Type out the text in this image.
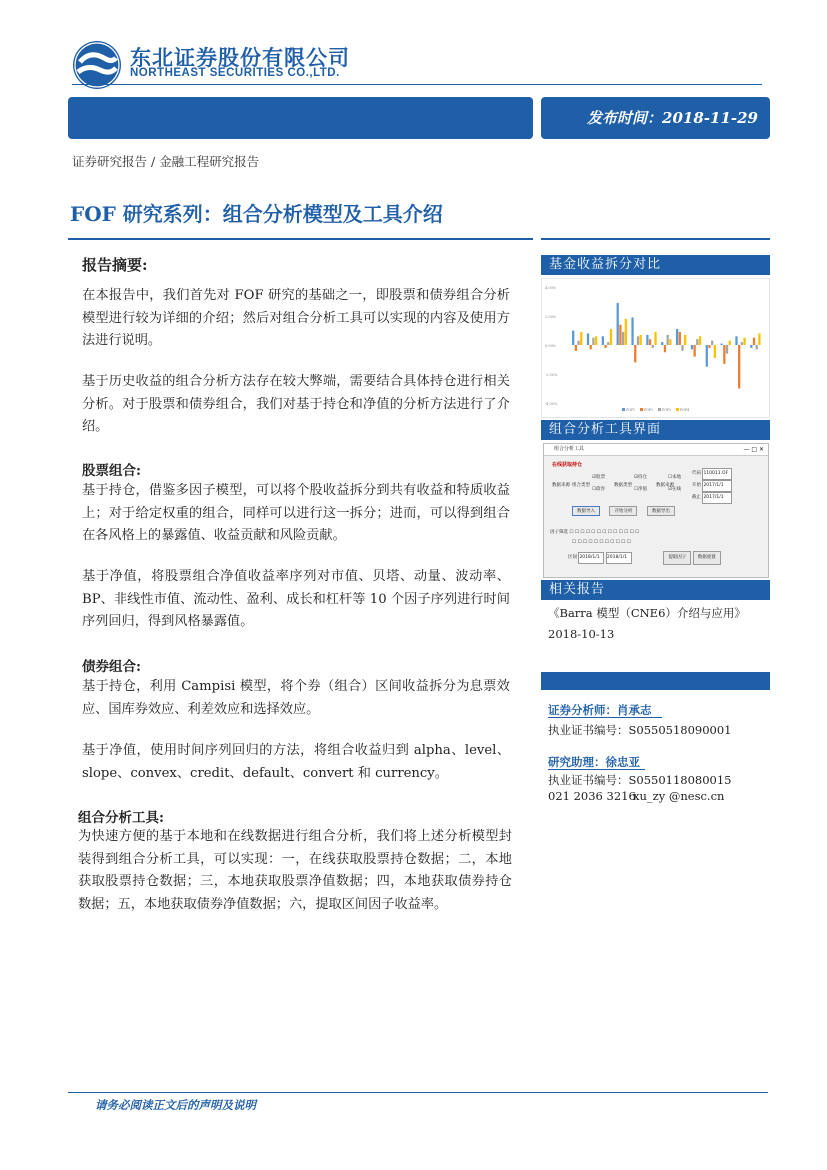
东北证券股份有限公司
NORTHEAST SECURITIES CO.,LTD.
发布时间：2018-11-29
证券研究报告 / 金融工程研究报告
FOF 研究系列：组合分析模型及工具介绍
报告摘要:
在本报告中，我们首先对 FOF 研究的基础之一，即股票和债券组合分析模型进行较为详细的介绍；然后对组合分析工具可以实现的内容及使用方法进行说明。
基于历史收益的组合分析方法存在较大弊端，需要结合具体持仓进行相关分析。对于股票和债券组合，我们对基于持仓和净值的分析方法进行了介绍。
股票组合:
基于持仓，借鉴多因子模型，可以将个股收益拆分到共有收益和特质收益上；对于给定权重的组合，同样可以进行这一拆分；进而，可以得到组合在各风格上的暴露值、收益贡献和风险贡献。
基于净值，将股票组合净值收益率序列对市值、贝塔、动量、波动率、BP、非线性市值、流动性、盈利、成长和杠杆等 10 个因子序列进行时间序列回归，得到风格暴露值。
债券组合:
基于持仓，利用 Campisi 模型，将个券（组合）区间收益拆分为息票效应、国库券效应、利差效应和选择效应。
基于净值，使用时间序列回归的方法，将组合收益归到 alpha、level、slope、convex、credit、default、convert 和 currency。
组合分析工具:
为快速方便的基于本地和在线数据进行组合分析，我们将上述分析模型封装得到组合分析工具，可以实现：一，在线获取股票持仓数据；二，本地获取股票持仓数据；三，本地获取股票净值数据；四，本地获取债券持仓数据；五，本地获取债券净值数据；六，提取区间因子收益率。
基金收益拆分对比
4.00%
2.00%
0.00%
-2.00%
-4.00%
FOF1	FOF2	FOF3	FOF4
组合分析工具界面
组合分析工具	— □ ✕
在线获取持仓
数据来源 组合类型
☑股票
☐债券
数据类型
☑持仓
☐净值
数据来源
☐本地
☑在线
代码 110011.OF
开始 2017/1/1
截止 2017/1/1
数据导入	开始分析	数据导出
因子筛选 ☐ ☐ ☐ ☐ ☐ ☐ ☐ ☐ ☐ ☐ ☐ ☐ ☐
☐ ☐ ☐ ☐ ☐ ☐ ☐ ☐ ☐ ☐ ☐
区间 2018/1/1 2018/1/1	提取因子	数据重置
相关报告
《Barra 模型（CNE6）介绍与应用》
2018-10-13
证券分析师：肖承志
执业证书编号：S0550518090001
研究助理：徐忠亚
执业证书编号：S0550118080015
021 2036 3216
xu_zy @nesc.cn
请务必阅读正文后的声明及说明
